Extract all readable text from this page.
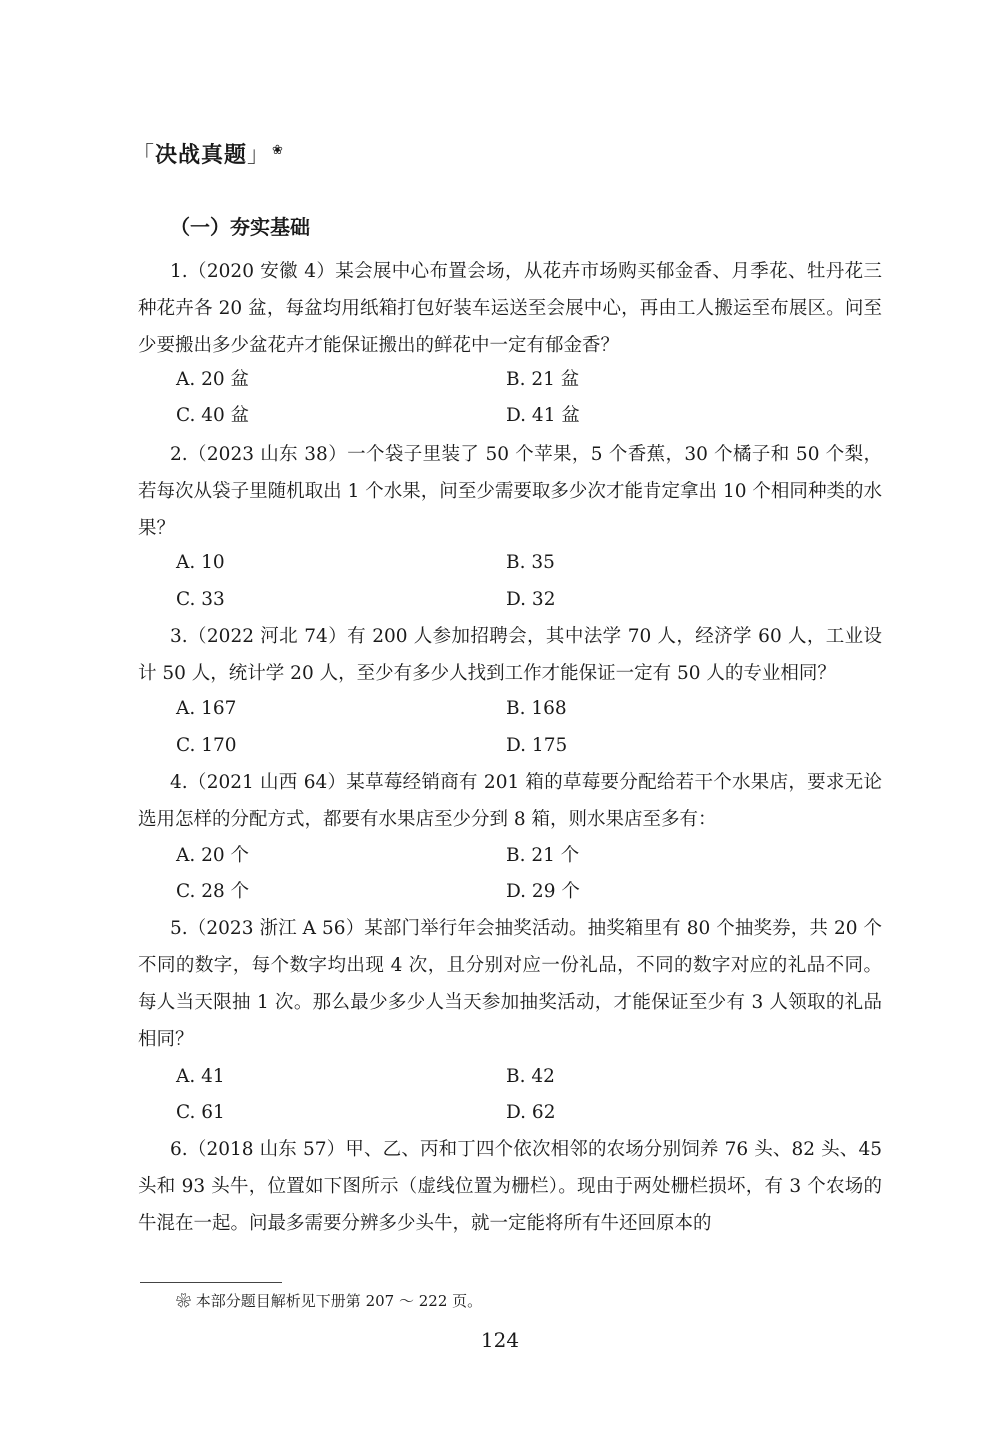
「决战真题」 ❀
（一）夯实基础
1.（2020 安徽 4）某会展中心布置会场，从花卉市场购买郁金香、月季花、牡丹花三种花卉各 20 盆，每盆均用纸箱打包好装车运送至会展中心，再由工人搬运至布展区。问至少要搬出多少盆花卉才能保证搬出的鲜花中一定有郁金香？
A. 20 盆	B. 21 盆
C. 40 盆	D. 41 盆
2.（2023 山东 38）一个袋子里装了 50 个苹果，5 个香蕉，30 个橘子和 50 个梨，若每次从袋子里随机取出 1 个水果，问至少需要取多少次才能肯定拿出 10 个相同种类的水果？
A. 10	B. 35
C. 33	D. 32
3.（2022 河北 74）有 200 人参加招聘会，其中法学 70 人，经济学 60 人，工业设计 50 人，统计学 20 人，至少有多少人找到工作才能保证一定有 50 人的专业相同？
A. 167	B. 168
C. 170	D. 175
4.（2021 山西 64）某草莓经销商有 201 箱的草莓要分配给若干个水果店，要求无论选用怎样的分配方式，都要有水果店至少分到 8 箱，则水果店至多有：
A. 20 个	B. 21 个
C. 28 个	D. 29 个
5.（2023 浙江 A 56）某部门举行年会抽奖活动。抽奖箱里有 80 个抽奖券，共 20 个不同的数字，每个数字均出现 4 次，且分别对应一份礼品，不同的数字对应的礼品不同。每人当天限抽 1 次。那么最少多少人当天参加抽奖活动，才能保证至少有 3 人领取的礼品相同？
A. 41	B. 42
C. 61	D. 62
6.（2018 山东 57）甲、乙、丙和丁四个依次相邻的农场分别饲养 76 头、82 头、45 头和 93 头牛，位置如下图所示（虚线位置为栅栏）。现由于两处栅栏损坏，有 3 个农场的牛混在一起。问最多需要分辨多少头牛，就一定能将所有牛还回原本的
❀ 本部分题目解析见下册第 207 ～ 222 页。
124
